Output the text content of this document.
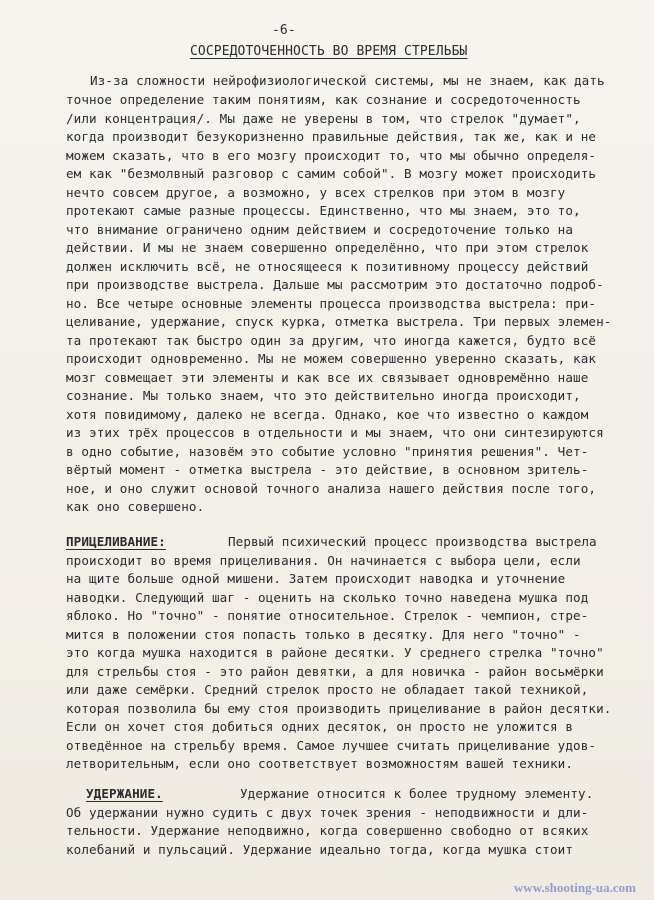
-6-
СОСРЕДОТОЧЕННОСТЬ ВО ВРЕМЯ СТРЕЛЬБЫ
Из-за сложности нейрофизиологической системы, мы не знаем, как дать
точное определение таким понятиям, как сознание и сосредоточенность
/или концентрация/. Мы даже не уверены в том, что стрелок "думает",
когда производит безукоризненно правильные действия, так же, как и не
можем сказать, что в его мозгу происходит то, что мы обычно определя-
ем как "безмолвный разговор с самим собой". В мозгу может происходить
нечто совсем другое, а возможно, у всех стрелков при этом в мозгу
протекают самые разные процессы. Единственно, что мы знаем, это то,
что внимание ограничено одним действием и сосредоточение только на
действии. И мы не знаем совершенно определённо, что при этом стрелок
должен исключить всё, не относящееся к позитивному процессу действий
при производстве выстрела. Дальше мы рассмотрим это достаточно подроб-
но. Все четыре основные элементы процесса производства выстрела: при-
целивание, удержание, спуск курка, отметка выстрела. Три первых элемен-
та протекают так быстро один за другим, что иногда кажется, будто всё
происходит одновременно. Мы не можем совершенно уверенно сказать, как
мозг совмещает эти элементы и как все их связывает одновремённо наше
сознание. Мы только знаем, что это действительно иногда происходит,
хотя повидимому, далеко не всегда. Однако, кое что известно о каждом
из этих трёх процессов в отдельности и мы знаем, что они синтезируются
в одно событие, назовём это событие условно "принятия решения". Чет-
вёртый момент - отметка выстрела - это действие, в основном зритель-
ное, и оно служит основой точного анализа нашего действия после того,
как оно совершено.
Первый психический процесс производства выстрела
происходит во время прицеливания. Он начинается с выбора цели, если
на щите больше одной мишени. Затем происходит наводка и уточнение
наводки. Следующий шаг - оценить на сколько точно наведена мушка под
яблоко. Но "точно" - понятие относительное. Стрелок - чемпион, стре-
мится в положении стоя попасть только в десятку. Для него "точно" -
это когда мушка находится в районе десятки. У среднего стрелка "точно"
для стрельбы стоя - это район девятки, а для новичка - район восьмёрки
или даже семёрки. Средний стрелок просто не обладает такой техникой,
которая позволила бы ему стоя производить прицеливание в район десятки.
Если он хочет стоя добиться одних десяток, он просто не уложится в
отведённое на стрельбу время. Самое лучшее считать прицеливание удов-
летворительным, если оно соответствует возможностям вашей техники.
Удержание относится к более трудному элементу.
Об удержании нужно судить с двух точек зрения - неподвижности и дли-
тельности. Удержание неподвижно, когда совершенно свободно от всяких
колебаний и пульсаций. Удержание идеально тогда, когда мушка стоит
ПРИЦЕЛИВАНИЕ:
УДЕРЖАНИЕ.
www.shooting-ua.com
